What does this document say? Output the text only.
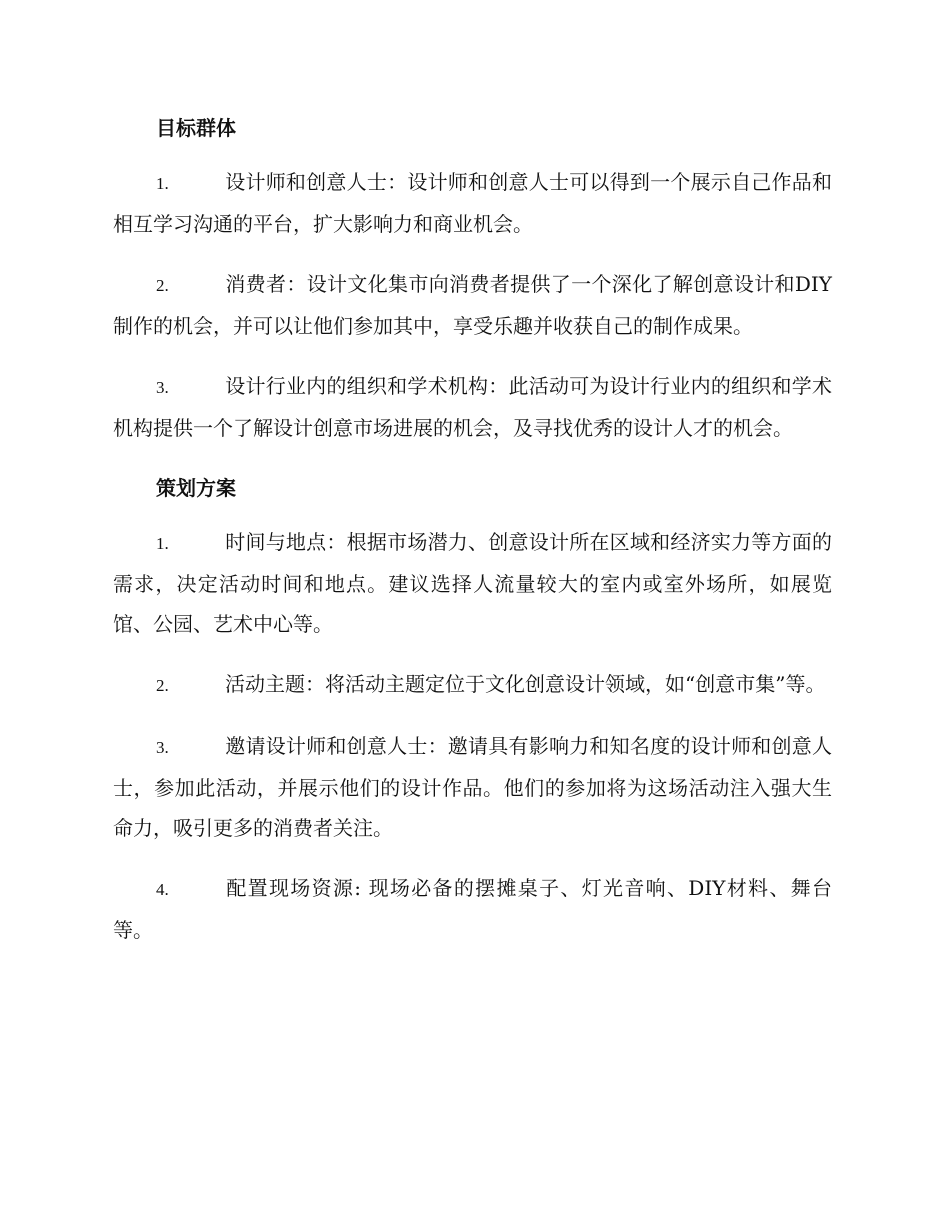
目标群体

1.	设计师和创意人士：设计师和创意人士可以得到一个展示自己作品和相互学习沟通的平台，扩大影响力和商业机会。

2.	消费者：设计文化集市向消费者提供了一个深化了解创意设计和DIY制作的机会，并可以让他们参加其中，享受乐趣并收获自己的制作成果。

3.	设计行业内的组织和学术机构：此活动可为设计行业内的组织和学术机构提供一个了解设计创意市场进展的机会，及寻找优秀的设计人才的机会。

策划方案

1.	时间与地点：根据市场潜力、创意设计所在区域和经济实力等方面的需求，决定活动时间和地点。建议选择人流量较大的室内或室外场所，如展览馆、公园、艺术中心等。

2.	活动主题：将活动主题定位于文化创意设计领域，如“创意市集”等。

3.	邀请设计师和创意人士：邀请具有影响力和知名度的设计师和创意人士，参加此活动，并展示他们的设计作品。他们的参加将为这场活动注入强大生命力，吸引更多的消费者关注。

4.	配置现场资源: 现场必备的摆摊桌子、灯光音响、DIY材料、舞台等。
